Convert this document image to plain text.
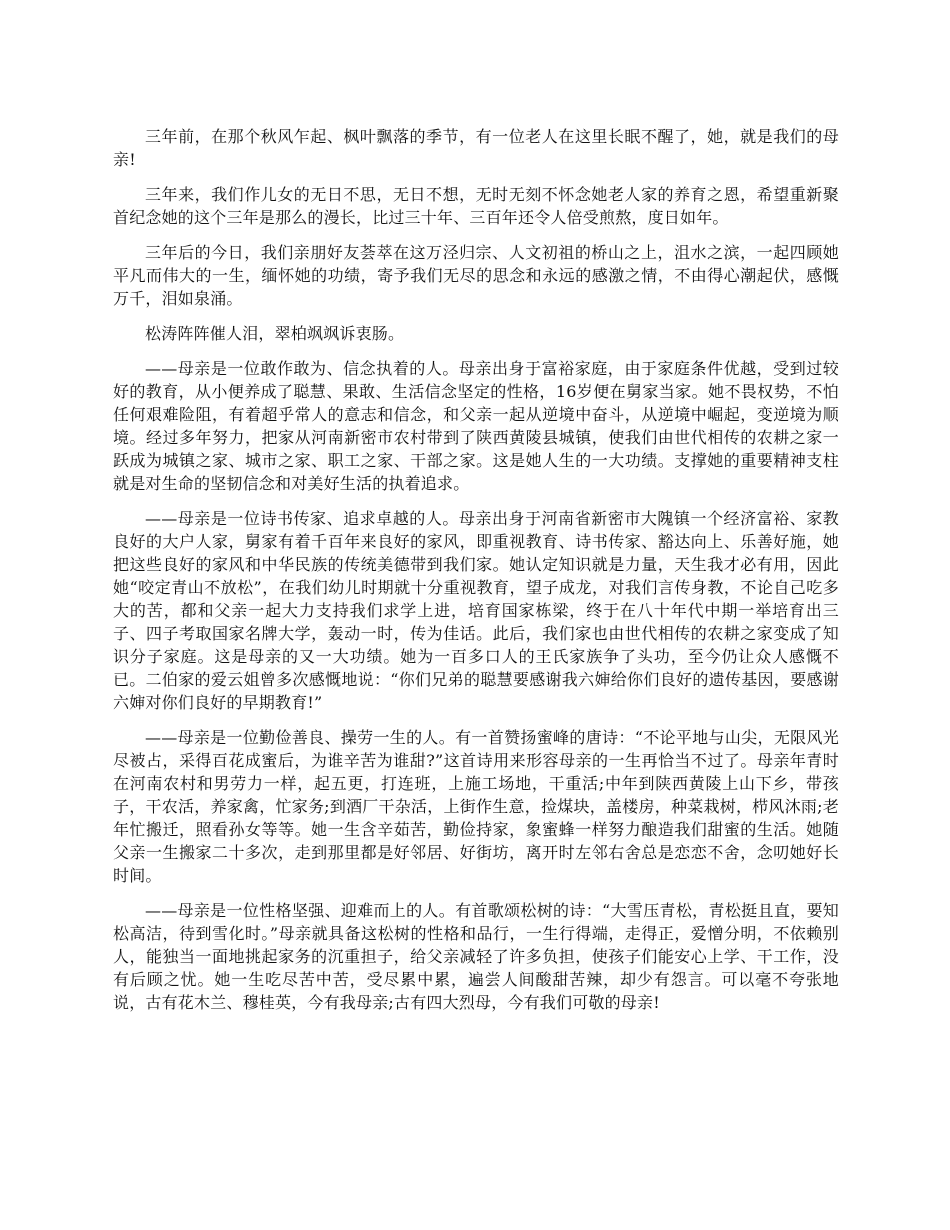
三年前，在那个秋风乍起、枫叶飘落的季节，有一位老人在这里长眠不醒了，她，就是我们的母亲!

三年来，我们作儿女的无日不思，无日不想，无时无刻不怀念她老人家的养育之恩，希望重新聚首纪念她的这个三年是那么的漫长，比过三十年、三百年还令人倍受煎熬，度日如年。

三年后的今日，我们亲朋好友荟萃在这万泾归宗、人文初祖的桥山之上，沮水之滨，一起四顾她平凡而伟大的一生，缅怀她的功绩，寄予我们无尽的思念和永远的感激之情，不由得心潮起伏，感慨万千，泪如泉涌。

松涛阵阵催人泪，翠柏飒飒诉衷肠。

——母亲是一位敢作敢为、信念执着的人。母亲出身于富裕家庭，由于家庭条件优越，受到过较好的教育，从小便养成了聪慧、果敢、生活信念坚定的性格，16岁便在舅家当家。她不畏权势，不怕任何艰难险阻，有着超乎常人的意志和信念，和父亲一起从逆境中奋斗，从逆境中崛起，变逆境为顺境。经过多年努力，把家从河南新密市农村带到了陕西黄陵县城镇，使我们由世代相传的农耕之家一跃成为城镇之家、城市之家、职工之家、干部之家。这是她人生的一大功绩。支撑她的重要精神支柱就是对生命的坚韧信念和对美好生活的执着追求。

——母亲是一位诗书传家、追求卓越的人。母亲出身于河南省新密市大隗镇一个经济富裕、家教良好的大户人家，舅家有着千百年来良好的家风，即重视教育、诗书传家、豁达向上、乐善好施，她把这些良好的家风和中华民族的传统美德带到我们家。她认定知识就是力量，天生我才必有用，因此她“咬定青山不放松”，在我们幼儿时期就十分重视教育，望子成龙，对我们言传身教，不论自己吃多大的苦，都和父亲一起大力支持我们求学上进，培育国家栋梁，终于在八十年代中期一举培育出三子、四子考取国家名牌大学，轰动一时，传为佳话。此后，我们家也由世代相传的农耕之家变成了知识分子家庭。这是母亲的又一大功绩。她为一百多口人的王氏家族争了头功，至今仍让众人感慨不已。二伯家的爱云姐曾多次感慨地说：“你们兄弟的聪慧要感谢我六婶给你们良好的遗传基因，要感谢六婶对你们良好的早期教育!”

——母亲是一位勤俭善良、操劳一生的人。有一首赞扬蜜峰的唐诗：“不论平地与山尖，无限风光尽被占，采得百花成蜜后，为谁辛苦为谁甜?”这首诗用来形容母亲的一生再恰当不过了。母亲年青时在河南农村和男劳力一样，起五更，打连班，上施工场地，干重活;中年到陕西黄陵上山下乡，带孩子，干农活，养家禽，忙家务;到酒厂干杂活，上街作生意，捡煤块，盖楼房，种菜栽树，栉风沐雨;老年忙搬迁，照看孙女等等。她一生含辛茹苦，勤俭持家，象蜜蜂一样努力酿造我们甜蜜的生活。她随父亲一生搬家二十多次，走到那里都是好邻居、好街坊，离开时左邻右舍总是恋恋不舍，念叨她好长时间。

——母亲是一位性格坚强、迎难而上的人。有首歌颂松树的诗：“大雪压青松，青松挺且直，要知松高洁，待到雪化时。”母亲就具备这松树的性格和品行，一生行得端，走得正，爱憎分明，不依赖别人，能独当一面地挑起家务的沉重担子，给父亲减轻了许多负担，使孩子们能安心上学、干工作，没有后顾之忧。她一生吃尽苦中苦，受尽累中累，遍尝人间酸甜苦辣，却少有怨言。可以毫不夸张地说，古有花木兰、穆桂英，今有我母亲;古有四大烈母，今有我们可敬的母亲!
